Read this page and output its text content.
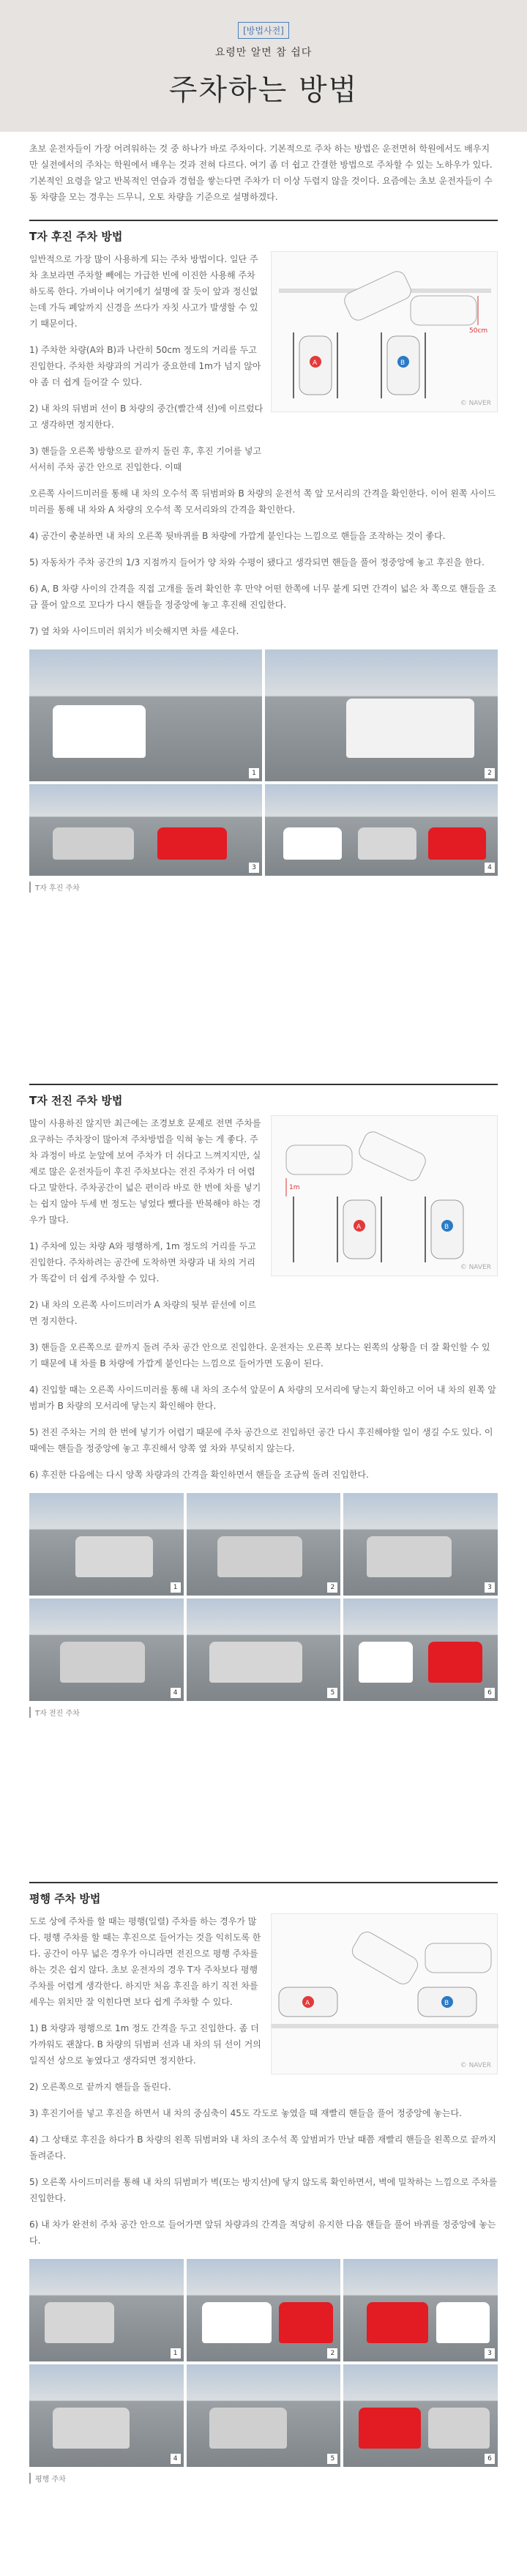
[방법사전]
요령만 알면 참 쉽다
주차하는 방법
초보 운전자들이 가장 어려워하는 것 중 하나가 바로 주차이다. 기본적으로 주차 하는 방법은 운전면허 학원에서도 배우지만 실전에서의 주차는 학원에서 배우는 것과 전혀 다르다. 여기 좀 더 쉽고 간결한 방법으로 주차할 수 있는 노하우가 있다. 기본적인 요령을 알고 반복적인 연습과 경험을 쌓는다면 주차가 더 이상 두렵지 않을 것이다. 요즘에는 초보 운전자들이 수동 차량을 모는 경우는 드무니, 오토 차량을 기준으로 설명하겠다.
T자 후진 주차 방법

일반적으로 가장 많이 사용하게 되는 주차 방법이다. 일단 주차 초보라면 주차할 빼에는 가급한 빈에 이진한 사용해 주차하도록 한다. 가벼이나 여기에기 설명에 잘 듯이 앞과 정신없는데 가득 폐알까지 신경을 쓰다가 자칫 사고가 발생할 수 있기 때문이다.

1) 주차한 차량(A와 B)과 나란히 50cm 정도의 거리를 두고 진입한다. 주차한 차량과의 거리가 중요한데 1m가 넘지 않아야 좀 더 쉽게 들어갈 수 있다.

2) 내 차의 뒤범퍼 선이 B 차량의 중간(빨간색 선)에 이르렀다고 생각하면 정지한다.

3) 핸들을 오른쪽 방향으로 끝까지 돌린 후, 후진 기어를 넣고 서서히 주차 공간 안으로 진입한다. 이때

A	B
50cm
© NAVER

오른쪽 사이드미러를 통해 내 차의 오수석 쪽 뒤범퍼와 B 차량의 운전석 쪽 앞 모서리의 간격을 확인한다. 이어 왼쪽 사이드미러를 통해 내 차와 A 차량의 오수석 쪽 모서리와의 간격을 확인한다.

4) 공간이 충분하면 내 차의 오른쪽 뒷바퀴를 B 차량에 가깝게 붙인다는 느낌으로 핸들을 조작하는 것이 좋다.

5) 자동차가 주차 공간의 1/3 지점까지 들어가 양 차와 수평이 됐다고 생각되면 핸들을 풀어 정중앙에 놓고 후진을 한다.

6) A, B 차량 사이의 간격을 직접 고개를 돌려 확인한 후 만약 어떤 한쪽에 너무 붙게 되면 간격이 넓은 차 쪽으로 핸들을 조금 풀어 앞으로 꼬다가 다시 핸들을 정중앙에 놓고 후진해 진입한다.

7) 옆 차와 사이드미러 위치가 비슷해지면 차를 세운다.

1	2
3	4
T자 후진 주차
T자 전진 주차 방법

많이 사용하진 않지만 최근에는 조경보호 문제로 전면 주차를 요구하는 주차장이 많아져 주차방법을 익혀 놓는 게 좋다. 주차 과정이 바로 눈앞에 보여 주차가 더 쉬다고 느껴지지만, 실제로 많은 운전자들이 후진 주차보다는 전진 주차가 더 어렵다고 말한다. 주차공간이 넓은 편이라 바로 한 번에 차를 넣기는 쉽지 않아 두세 번 정도는 넣었다 뺐다를 반복해야 하는 경우가 많다.

1) 주차에 있는 차량 A와 평행하게, 1m 정도의 거리를 두고 진입한다. 주차하려는 공간에 도착하면 차량과 내 차의 거리가 똑같이 더 쉽게 주차할 수 있다.

2) 내 차의 오른쪽 사이드미러가 A 차량의 뒷부 끝선에 이르면 정지한다.

A	B
1m
© NAVER

3) 핸들을 오른쪽으로 끝까지 돌려 주차 공간 안으로 진입한다. 운전자는 오른쪽 보다는 왼쪽의 상황을 더 잘 확인할 수 있기 때문에 내 차를 B 차량에 가깝게 붙인다는 느낌으로 들어가면 도움이 된다.

4) 진입할 때는 오른쪽 사이드미러를 통해 내 차의 조수석 앞문이 A 차량의 모서리에 닿는지 확인하고 이어 내 차의 왼쪽 앞범퍼가 B 차량의 모서리에 닿는지 확인해야 한다.

5) 전진 주차는 거의 한 번에 넣기가 어렵기 때문에 주차 공간으로 진입하던 공간 다시 후진해야할 일이 생길 수도 있다. 이때에는 핸들을 정중앙에 놓고 후진해서 양쪽 옆 차와 부딪히지 않는다.

6) 후진한 다음에는 다시 양쪽 차량과의 간격을 확인하면서 핸들을 조금씩 돌려 진입한다.

1	2	3
4	5	6
T자 전진 주차
평행 주차 방법

도로 상에 주차를 할 때는 평행(일렬) 주차를 하는 경우가 많다. 평행 주차를 할 때는 후진으로 들어가는 것을 익히도록 한다. 공간이 아무 넓은 경우가 아니라면 전진으로 평행 주차를 하는 것은 쉽지 않다. 초보 운전자의 경우 T자 주차보다 평행 주차를 어렵게 생각한다. 하지만 처음 후진을 하기 직전 차를 세우는 위치만 잘 익힌다면 보다 쉽게 주차할 수 있다.

1) B 차량과 평행으로 1m 정도 간격을 두고 진입한다. 좀 더 가까워도 괜찮다. B 차량의 뒤범퍼 선과 내 차의 뒤 선이 거의 일직선 상으로 놓였다고 생각되면 정지한다.

2) 오른쪽으로 끝까지 핸들을 돌린다.

A	B
© NAVER

3) 후진기어를 넣고 후진을 하면서 내 차의 중심축이 45도 각도로 놓였을 때 재빨리 핸들을 풀어 정중앙에 놓는다.

4) 그 상태로 후진을 하다가 B 차량의 왼쪽 뒤범퍼와 내 차의 조수석 쪽 앞범퍼가 만날 때쯤 재빨리 핸들을 왼쪽으로 끝까지 돌려준다.

5) 오른쪽 사이드미러를 통해 내 차의 뒤범퍼가 벽(또는 방지선)에 닿지 않도록 확인하면서, 벽에 밀착하는 느낌으로 주차를 진입한다.

6) 내 차가 완전히 주차 공간 안으로 들어가면 앞뒤 차량과의 간격을 적당히 유지한 다음 핸들을 풀어 바퀴를 정중앙에 놓는다.

1	2	3
4	5	6
평행 주차
